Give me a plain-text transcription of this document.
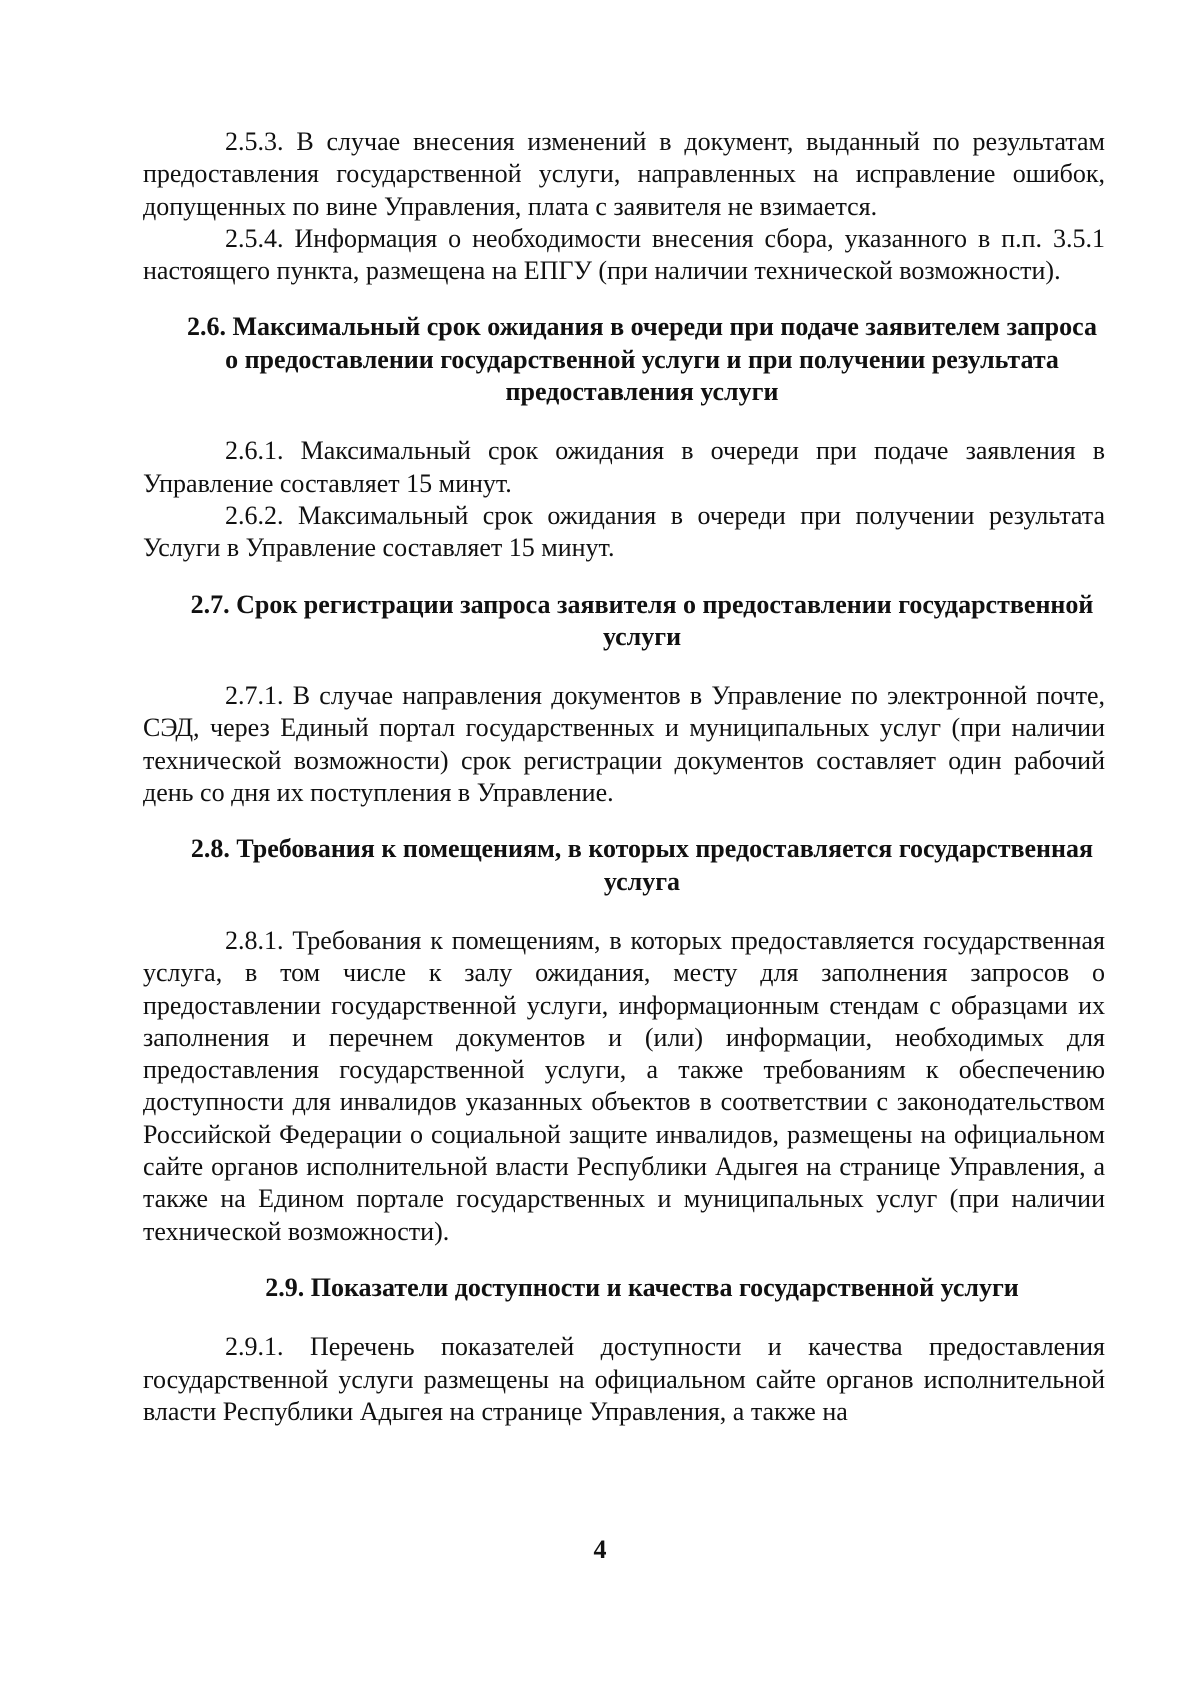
2.5.3. В случае внесения изменений в документ, выданный по результатам предоставления государственной услуги, направленных на исправление ошибок, допущенных по вине Управления, плата с заявителя не взимается.

2.5.4. Информация о необходимости внесения сбора, указанного в п.п. 3.5.1 настоящего пункта, размещена на ЕПГУ (при наличии технической возможности).

2.6. Максимальный срок ожидания в очереди при подаче заявителем запроса о предоставлении государственной услуги и при получении результата предоставления услуги

2.6.1. Максимальный срок ожидания в очереди при подаче заявления в Управление составляет 15 минут.

2.6.2. Максимальный срок ожидания в очереди при получении результата Услуги в Управление составляет 15 минут.

2.7. Срок регистрации запроса заявителя о предоставлении государственной услуги

2.7.1. В случае направления документов в Управление по электронной почте, СЭД, через Единый портал государственных и муниципальных услуг (при наличии технической возможности) срок регистрации документов составляет один рабочий день со дня их поступления в Управление.

2.8. Требования к помещениям, в которых предоставляется государственная услуга

2.8.1. Требования к помещениям, в которых предоставляется государственная услуга, в том числе к залу ожидания, месту для заполнения запросов о предоставлении государственной услуги, информационным стендам с образцами их заполнения и перечнем документов и (или) информации, необходимых для предоставления государственной услуги, а также требованиям к обеспечению доступности для инвалидов указанных объектов в соответствии с законодательством Российской Федерации о социальной защите инвалидов, размещены на официальном сайте органов исполнительной власти Республики Адыгея на странице Управления, а также на Едином портале государственных и муниципальных услуг (при наличии технической возможности).

2.9. Показатели доступности и качества государственной услуги

2.9.1. Перечень показателей доступности и качества предоставления государственной услуги размещены на официальном сайте органов исполнительной власти Республики Адыгея на странице Управления, а также на

4
